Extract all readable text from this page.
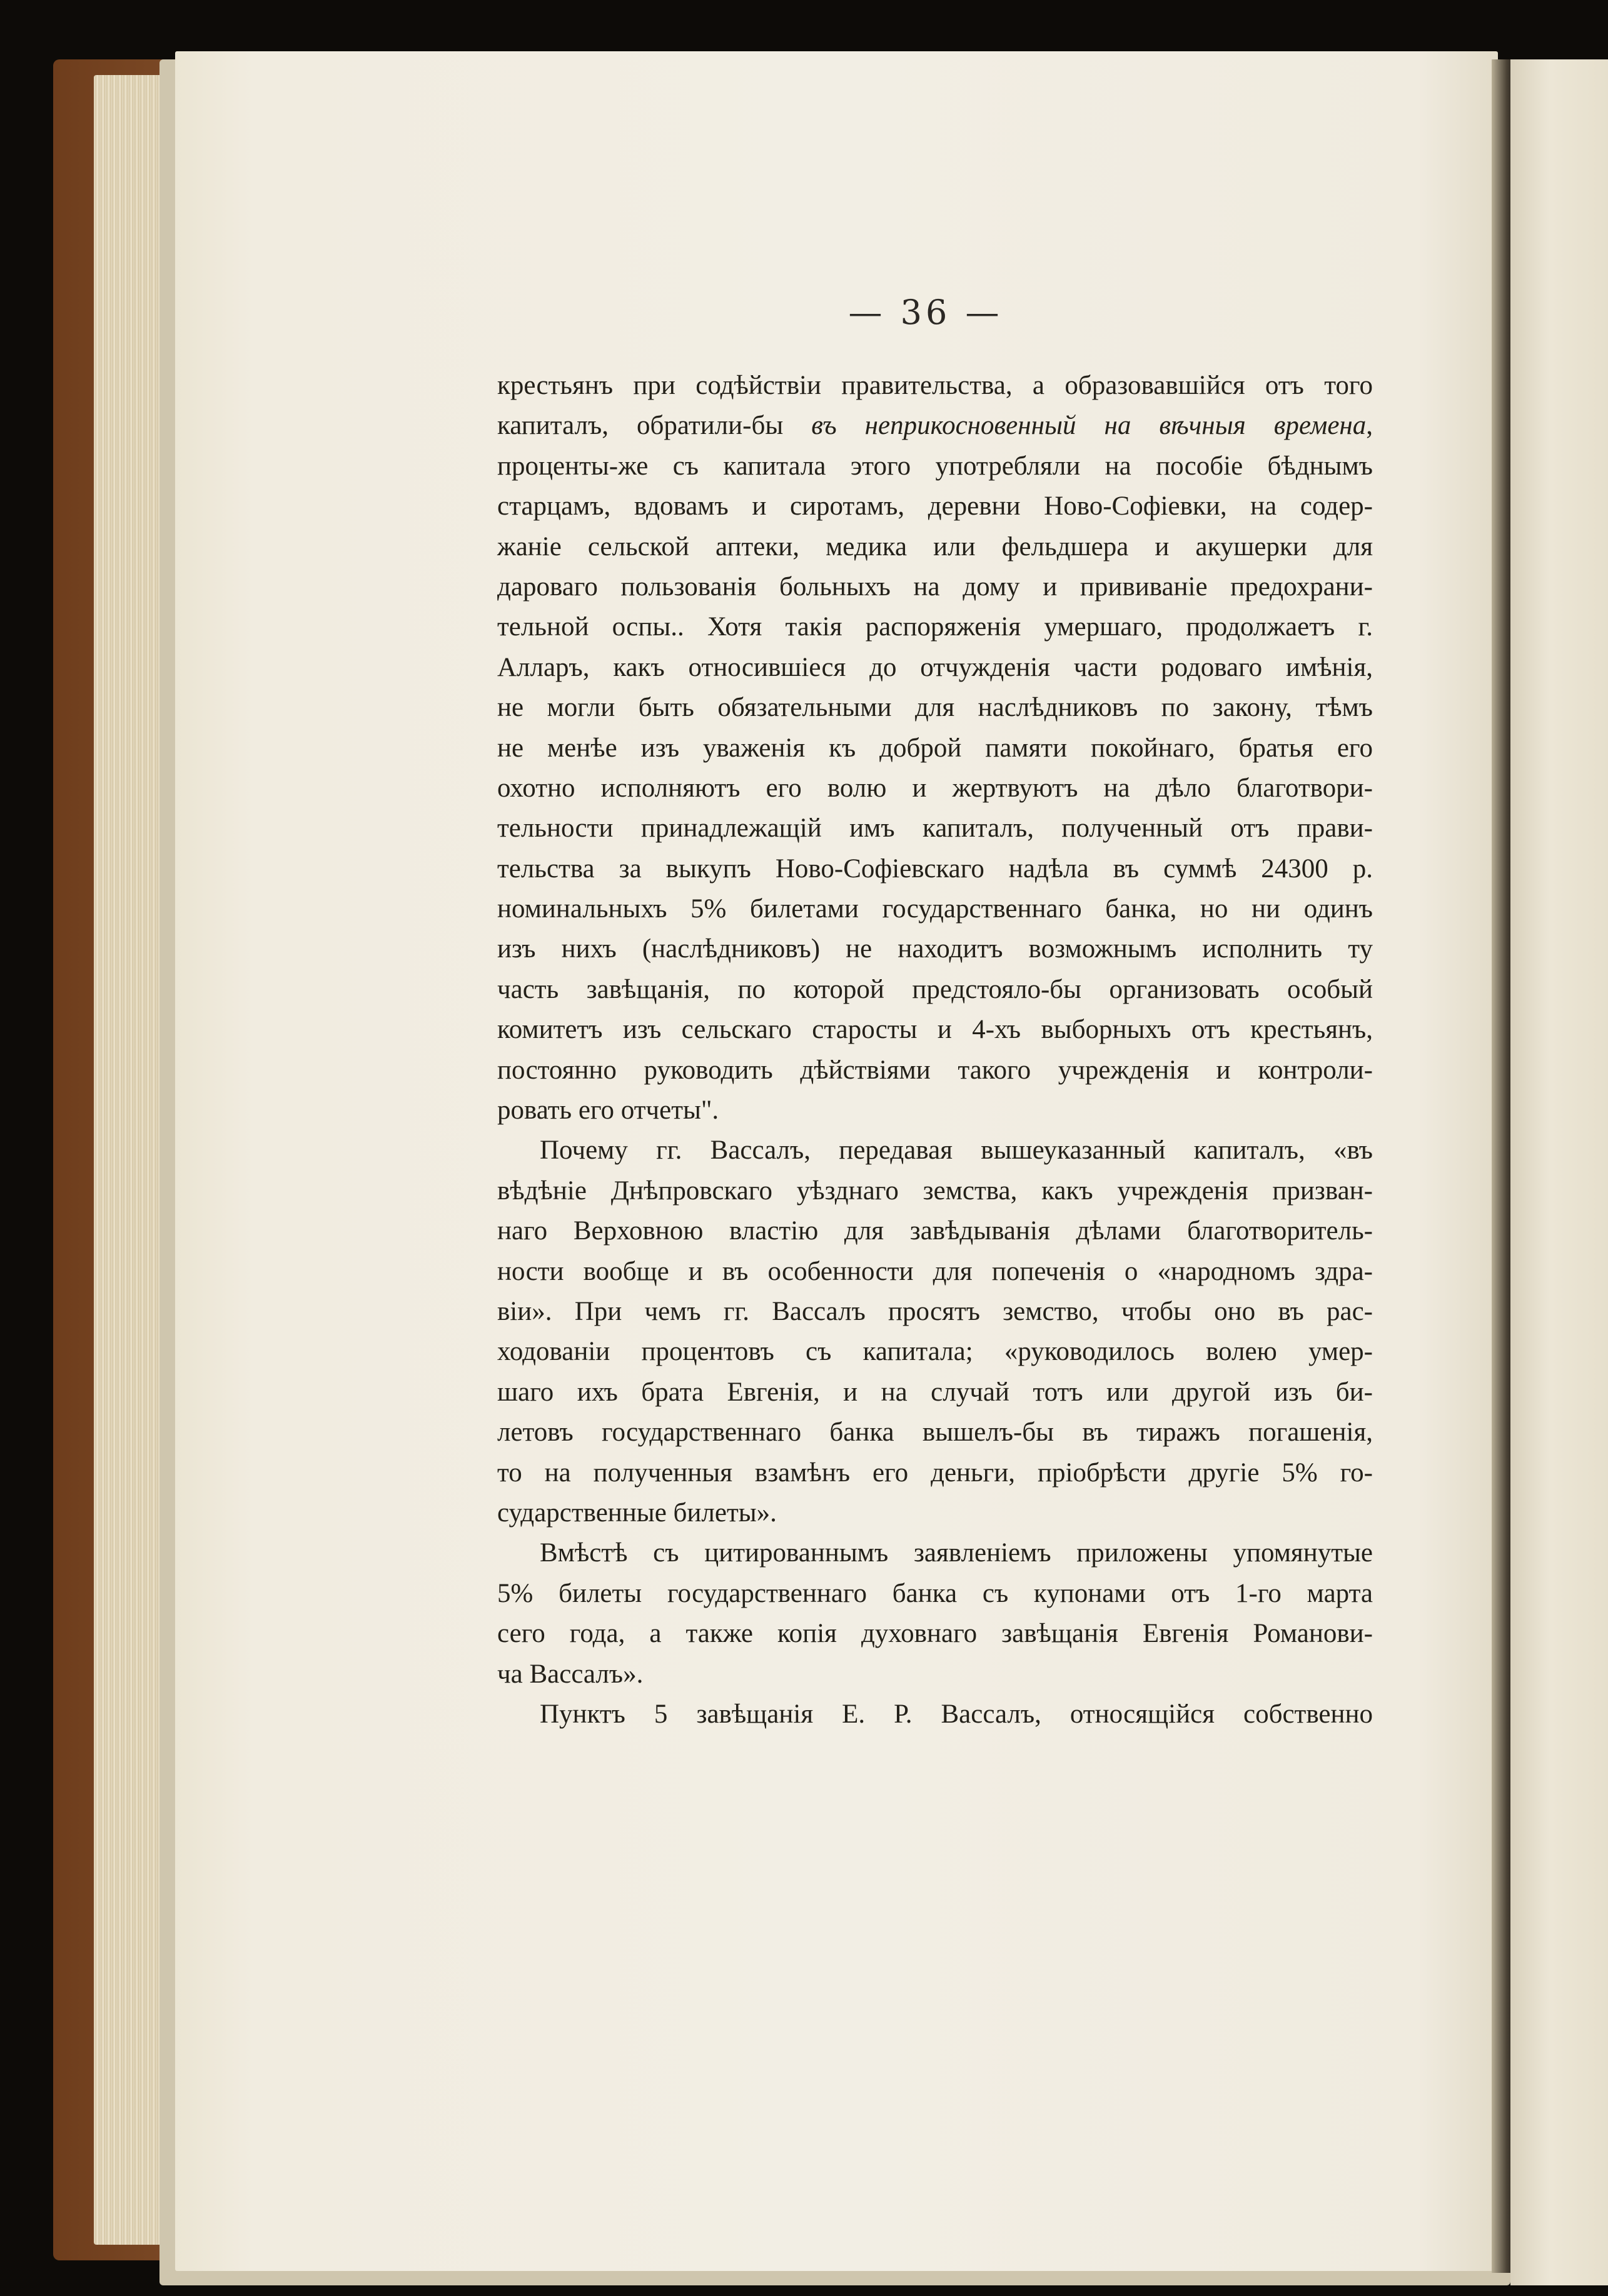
— 36 —
крестьянъ при содѣйствіи правительства, а образовавшійся отъ того
капиталъ, обратили-бы въ неприкосновенный на вѣчныя времена,
проценты-же съ капитала этого употребляли на пособіе бѣднымъ
старцамъ, вдовамъ и сиротамъ, деревни Ново-Софіевки, на содер-
жаніе сельской аптеки, медика или фельдшера и акушерки для
дароваго пользованія больныхъ на дому и прививаніе предохрани-
тельной оспы.. Хотя такія распоряженія умершаго, продолжаетъ г.
Алларъ, какъ относившіеся до отчужденія части родоваго имѣнія,
не могли быть обязательными для наслѣдниковъ по закону, тѣмъ
не менѣе изъ уваженія къ доброй памяти покойнаго, братья его
охотно исполняютъ его волю и жертвуютъ на дѣло благотвори-
тельности принадлежащій имъ капиталъ, полученный отъ прави-
тельства за выкупъ Ново-Софіевскаго надѣла въ суммѣ 24300 р.
номинальныхъ 5% билетами государственнаго банка, но ни одинъ
изъ нихъ (наслѣдниковъ) не находитъ возможнымъ исполнить ту
часть завѣщанія, по которой предстояло-бы организовать особый
комитетъ изъ сельскаго старосты и 4-хъ выборныхъ отъ крестьянъ,
постоянно руководить дѣйствіями такого учрежденія и контроли-
ровать его отчеты".
Почему гг. Вассалъ, передавая вышеуказанный капиталъ, «въ
вѣдѣніе Днѣпровскаго уѣзднаго земства, какъ учрежденія призван-
наго Верховною властію для завѣдыванія дѣлами благотворитель-
ности вообще и въ особенности для попеченія о «народномъ здра-
віи». При чемъ гг. Вассалъ просятъ земство, чтобы оно въ рас-
ходованіи процентовъ съ капитала; «руководилось волею умер-
шаго ихъ брата Евгенія, и на случай тотъ или другой изъ би-
летовъ государственнаго банка вышелъ-бы въ тиражъ погашенія,
то на полученныя взамѣнъ его деньги, пріобрѣсти другіе 5% го-
сударственные билеты».
Вмѣстѣ съ цитированнымъ заявленіемъ приложены упомянутые
5% билеты государственнаго банка съ купонами отъ 1-го марта
сего года, а также копія духовнаго завѣщанія Евгенія Романови-
ча Вассалъ».
Пунктъ 5 завѣщанія Е. Р. Вассалъ, относящійся собственно
